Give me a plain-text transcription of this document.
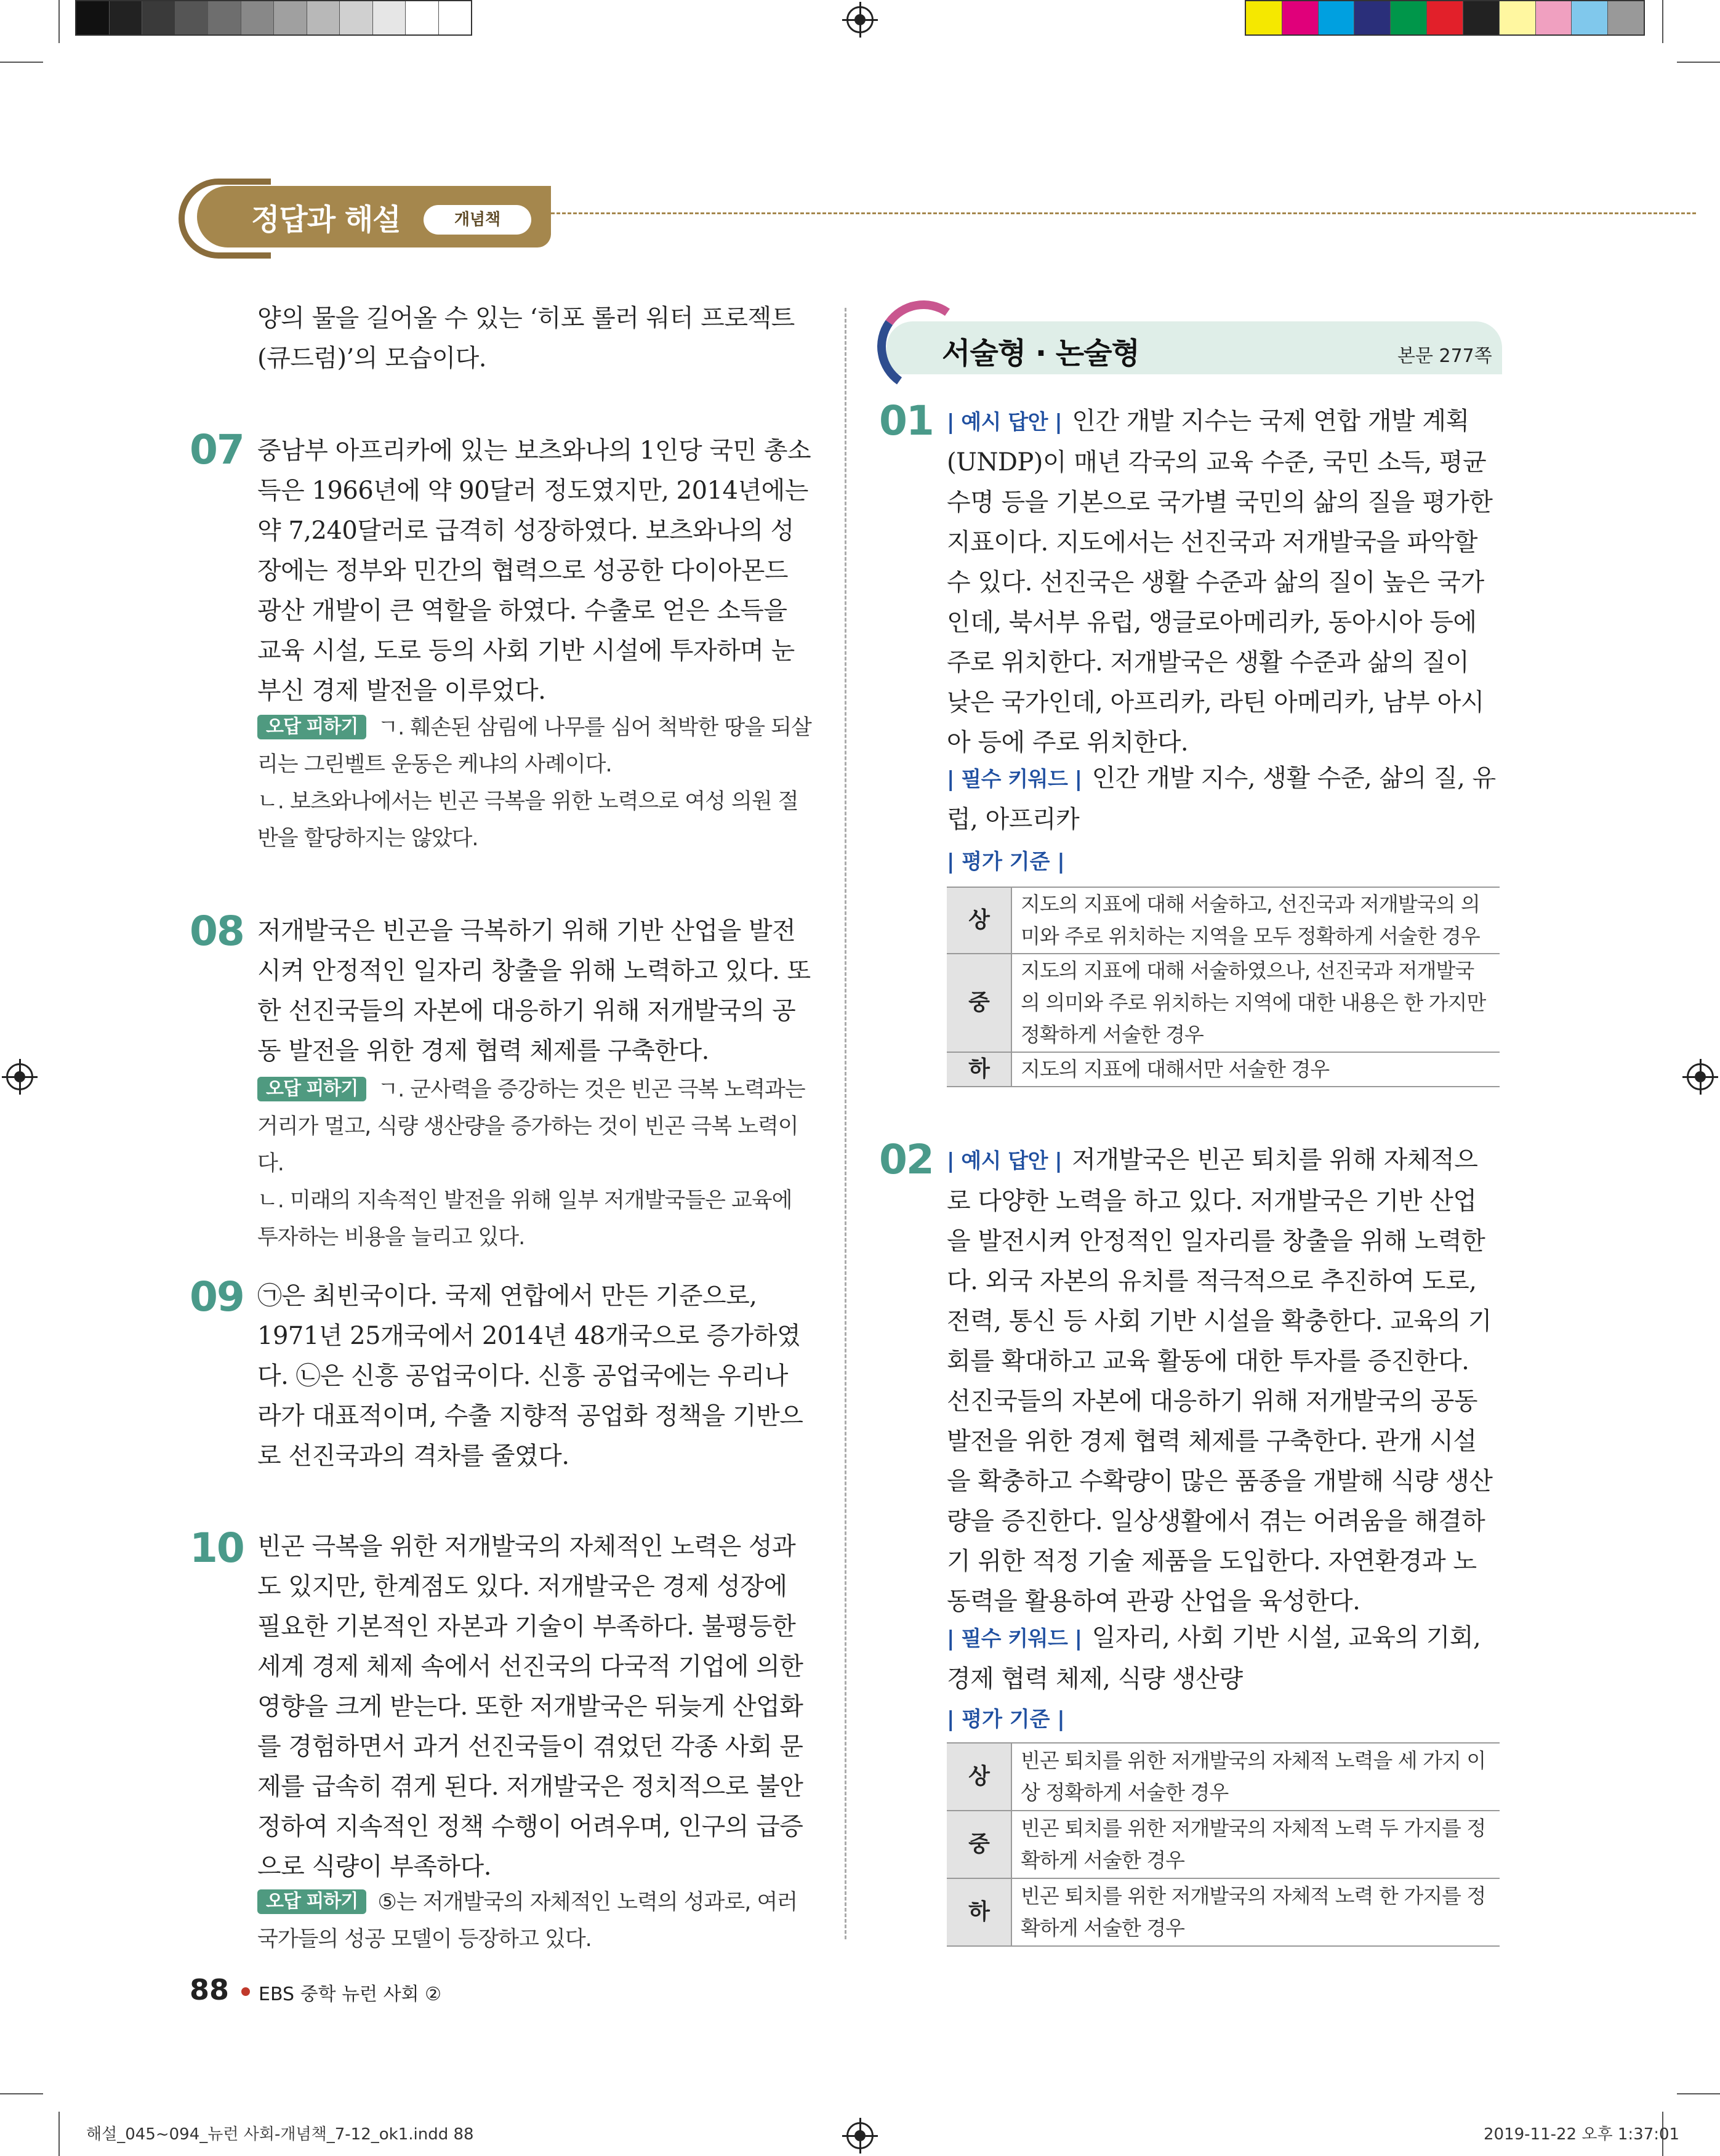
정답과 해설	개념책
양의 물을 길어올 수 있는 ‘히포 롤러 워터 프로젝트(큐드럼)’의 모습이다.
07 중남부 아프리카에 있는 보츠와나의 1인당 국민 총소득은 1966년에 약 90달러 정도였지만, 2014년에는 약 7,240달러로 급격히 성장하였다. 보츠와나의 성장에는 정부와 민간의 협력으로 성공한 다이아몬드 광산 개발이 큰 역할을 하였다. 수출로 얻은 소득을 교육 시설, 도로 등의 사회 기반 시설에 투자하며 눈부신 경제 발전을 이루었다.
오답 피하기 ㄱ. 훼손된 삼림에 나무를 심어 척박한 땅을 되살리는 그린벨트 운동은 케냐의 사례이다.
ㄴ. 보츠와나에서는 빈곤 극복을 위한 노력으로 여성 의원 절반을 할당하지는 않았다.
08 저개발국은 빈곤을 극복하기 위해 기반 산업을 발전시켜 안정적인 일자리 창출을 위해 노력하고 있다. 또한 선진국들의 자본에 대응하기 위해 저개발국의 공동 발전을 위한 경제 협력 체제를 구축한다.
오답 피하기 ㄱ. 군사력을 증강하는 것은 빈곤 극복 노력과는 거리가 멀고, 식량 생산량을 증가하는 것이 빈곤 극복 노력이다.
ㄴ. 미래의 지속적인 발전을 위해 일부 저개발국들은 교육에 투자하는 비용을 늘리고 있다.
09 ㉠은 최빈국이다. 국제 연합에서 만든 기준으로, 1971년 25개국에서 2014년 48개국으로 증가하였다. ㉡은 신흥 공업국이다. 신흥 공업국에는 우리나라가 대표적이며, 수출 지향적 공업화 정책을 기반으로 선진국과의 격차를 줄였다.
10 빈곤 극복을 위한 저개발국의 자체적인 노력은 성과도 있지만, 한계점도 있다. 저개발국은 경제 성장에 필요한 기본적인 자본과 기술이 부족하다. 불평등한 세계 경제 체제 속에서 선진국의 다국적 기업에 의한 영향을 크게 받는다. 또한 저개발국은 뒤늦게 산업화를 경험하면서 과거 선진국들이 겪었던 각종 사회 문제를 급속히 겪게 된다. 저개발국은 정치적으로 불안정하여 지속적인 정책 수행이 어려우며, 인구의 급증으로 식량이 부족하다.
오답 피하기 ⑤는 저개발국의 자체적인 노력의 성과로, 여러 국가들의 성공 모델이 등장하고 있다.
서술형 · 논술형	본문 277쪽
01 | 예시 답안 | 인간 개발 지수는 국제 연합 개발 계획(UNDP)이 매년 각국의 교육 수준, 국민 소득, 평균 수명 등을 기본으로 국가별 국민의 삶의 질을 평가한 지표이다. 지도에서는 선진국과 저개발국을 파악할 수 있다. 선진국은 생활 수준과 삶의 질이 높은 국가인데, 북서부 유럽, 앵글로아메리카, 동아시아 등에 주로 위치한다. 저개발국은 생활 수준과 삶의 질이 낮은 국가인데, 아프리카, 라틴 아메리카, 남부 아시아 등에 주로 위치한다.
| 필수 키워드 | 인간 개발 지수, 생활 수준, 삶의 질, 유럽, 아프리카
| 평가 기준 |
상	지도의 지표에 대해 서술하고, 선진국과 저개발국의 의미와 주로 위치하는 지역을 모두 정확하게 서술한 경우
중	지도의 지표에 대해 서술하였으나, 선진국과 저개발국의 의미와 주로 위치하는 지역에 대한 내용은 한 가지만 정확하게 서술한 경우
하	지도의 지표에 대해서만 서술한 경우
02 | 예시 답안 | 저개발국은 빈곤 퇴치를 위해 자체적으로 다양한 노력을 하고 있다. 저개발국은 기반 산업을 발전시켜 안정적인 일자리를 창출을 위해 노력한다. 외국 자본의 유치를 적극적으로 추진하여 도로, 전력, 통신 등 사회 기반 시설을 확충한다. 교육의 기회를 확대하고 교육 활동에 대한 투자를 증진한다. 선진국들의 자본에 대응하기 위해 저개발국의 공동 발전을 위한 경제 협력 체제를 구축한다. 관개 시설을 확충하고 수확량이 많은 품종을 개발해 식량 생산량을 증진한다. 일상생활에서 겪는 어려움을 해결하기 위한 적정 기술 제품을 도입한다. 자연환경과 노동력을 활용하여 관광 산업을 육성한다.
| 필수 키워드 | 일자리, 사회 기반 시설, 교육의 기회, 경제 협력 체제, 식량 생산량
| 평가 기준 |
상	빈곤 퇴치를 위한 저개발국의 자체적 노력을 세 가지 이상 정확하게 서술한 경우
중	빈곤 퇴치를 위한 저개발국의 자체적 노력 두 가지를 정확하게 서술한 경우
하	빈곤 퇴치를 위한 저개발국의 자체적 노력 한 가지를 정확하게 서술한 경우
88 EBS 중학 뉴런 사회 ②
해설_045~094_뉴런 사회-개념책_7-12_ok1.indd 88	2019-11-22 오후 1:37:01
